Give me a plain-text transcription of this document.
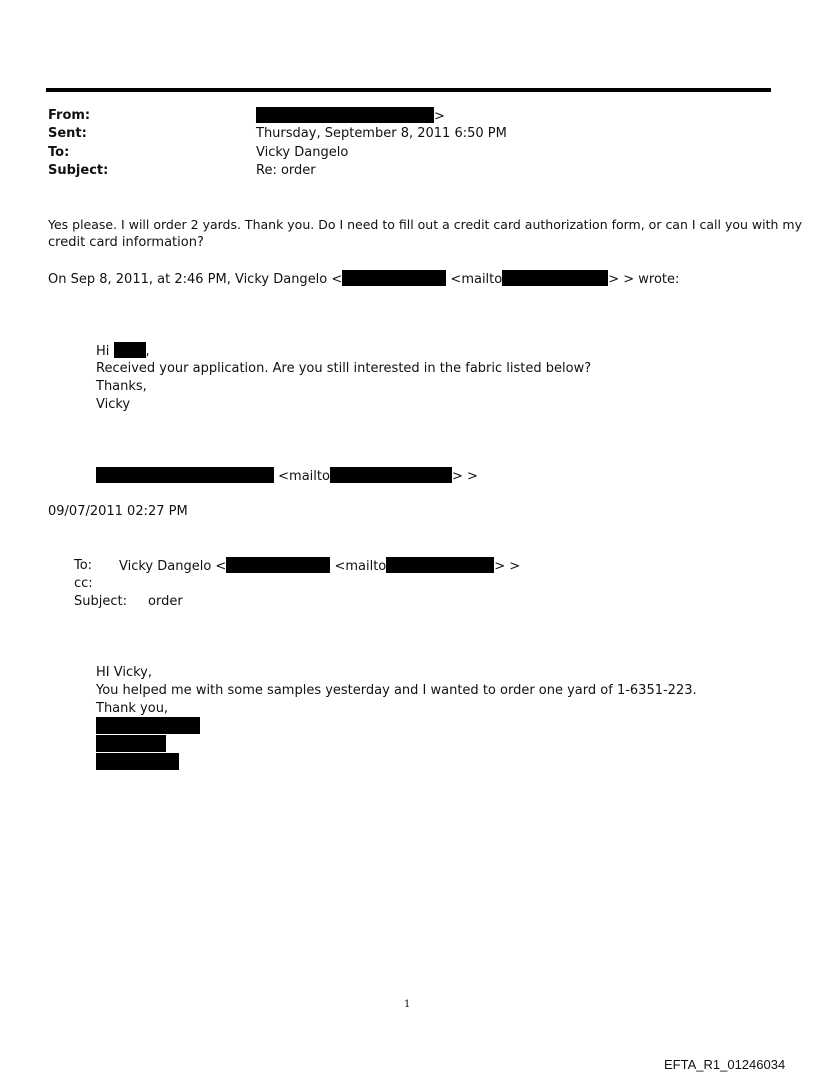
From:	>
Sent:	Thursday, September 8, 2011 6:50 PM
To:	Vicky Dangelo
Subject:	Re: order
Yes please. I will order 2 yards. Thank you. Do I need to fill out a credit card authorization form, or can I call you with my
credit card information?
On Sep 8, 2011, at 2:46 PM, Vicky Dangelo <	<mailto	> > wrote:
Hi	,
Received your application. Are you still interested in the fabric listed below?
Thanks,
Vicky
<mailto	> >
09/07/2011 02:27 PM
To: Vicky Dangelo <	<mailto	> >
cc:
Subject: order
HI Vicky,
You helped me with some samples yesterday and I wanted to order one yard of 1-6351-223.
Thank you,
1
EFTA_R1_01246034
